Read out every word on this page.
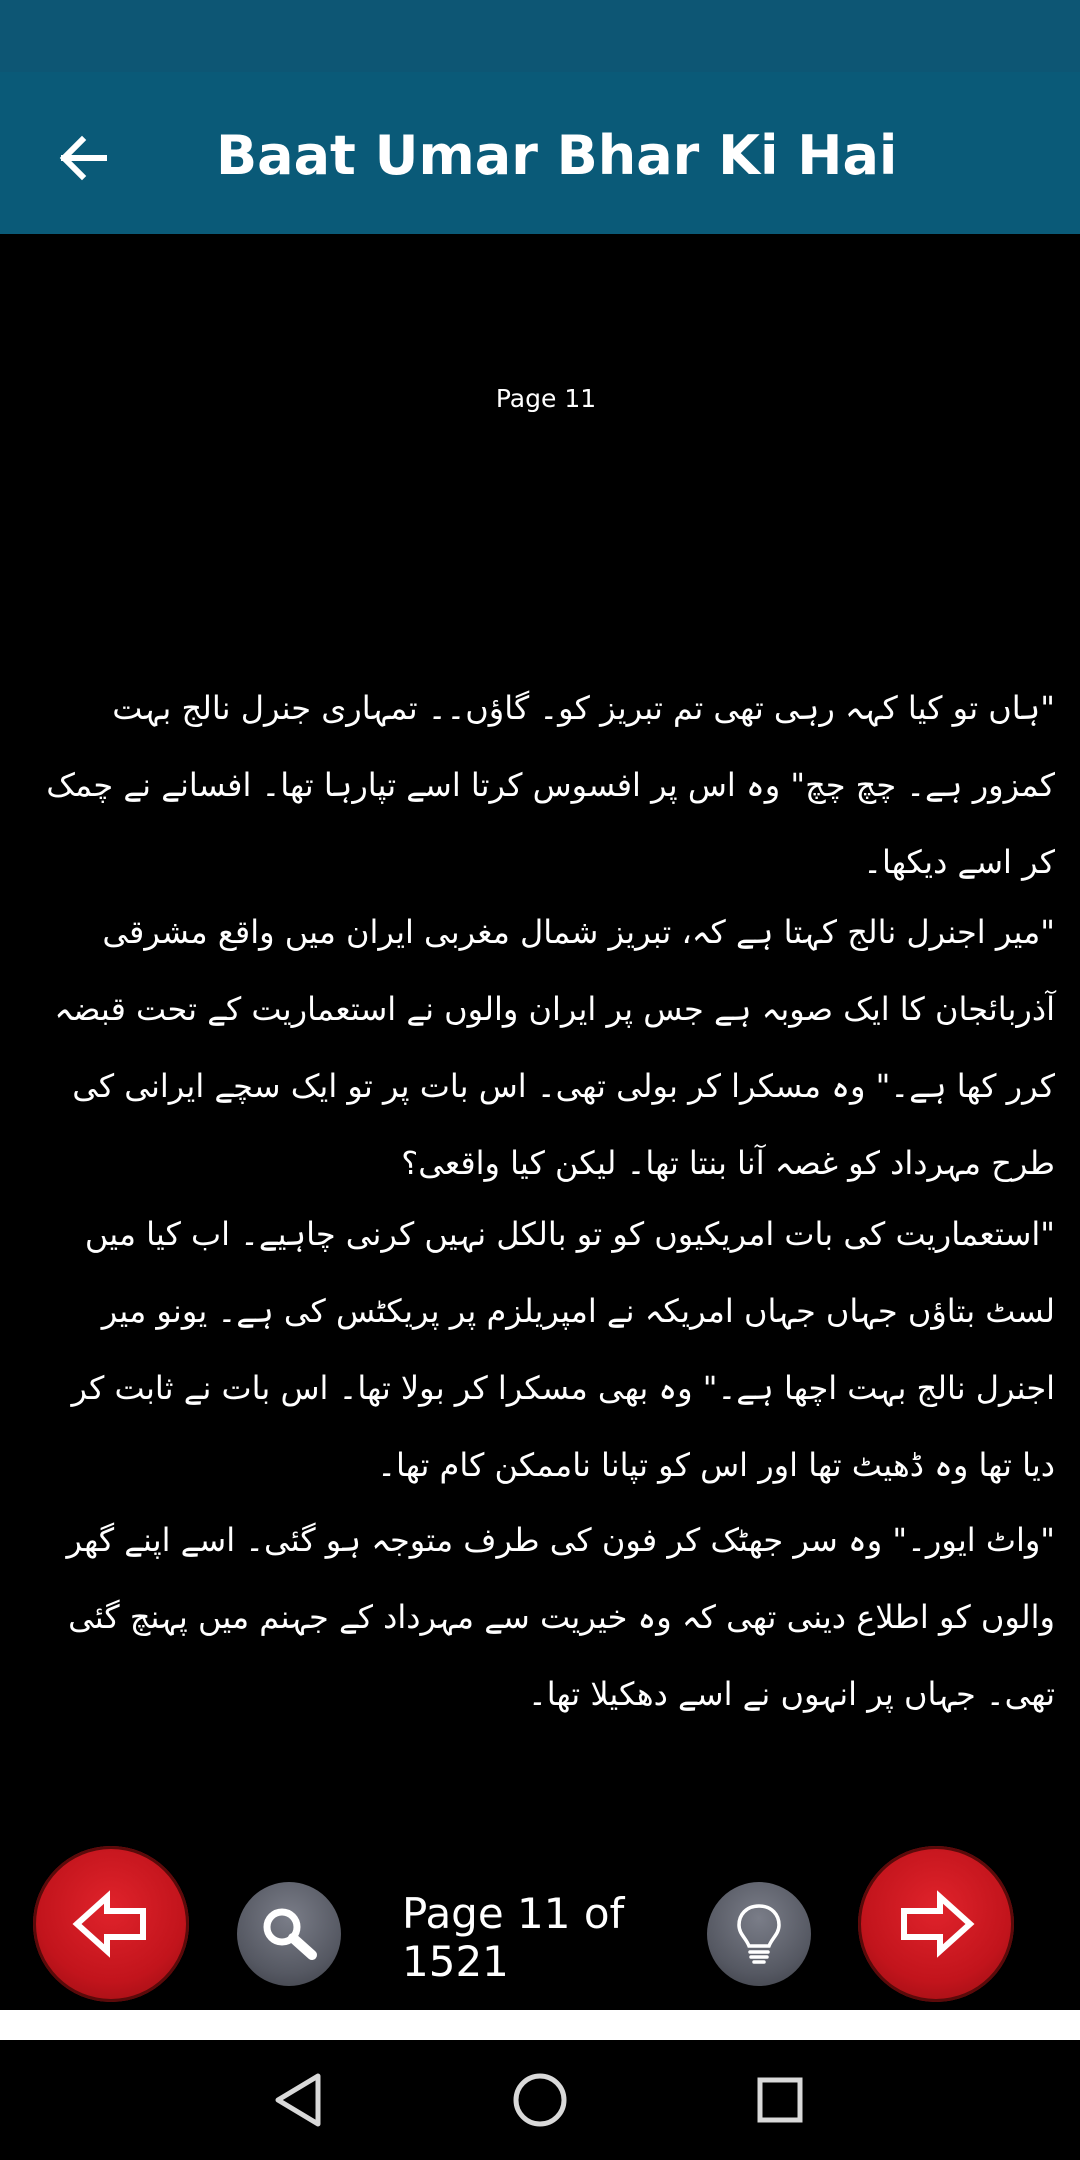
Baat Umar Bhar Ki Hai
Page 11
"ہاں تو کیا کہہ رہی تھی تم تبریز کو۔ گاؤں۔۔ تمہاری جنرل نالج بہت کمزور ہے۔ چچ چچ" وہ اس پر افسوس کرتا اسے تپارہا تھا۔ افسانے نے چمک کر اسے دیکھا۔
"میر اجنرل نالج کہتا ہے کہ، تبریز شمال مغربی ایران میں واقع مشرقی آذربائجان کا ایک صوبہ ہے جس پر ایران والوں نے استعماریت کے تحت قبضہ کرر کھا ہے۔" وہ مسکرا کر بولی تھی۔ اس بات پر تو ایک سچے ایرانی کی طرح مہرداد کو غصہ آنا بنتا تھا۔ لیکن کیا واقعی؟
"استعماریت کی بات امریکیوں کو تو بالکل نہیں کرنی چاہیے۔ اب کیا میں لسٹ بتاؤں جہاں جہاں امریکہ نے امپریلزم پر پریکٹس کی ہے۔ یونو میر اجنرل نالج بہت اچھا ہے۔" وہ بھی مسکرا کر بولا تھا۔ اس بات نے ثابت کر دیا تھا وہ ڈھیٹ تھا اور اس کو تپانا ناممکن کام تھا۔
"واٹ ایور۔" وہ سر جھٹک کر فون کی طرف متوجہ ہو گئی۔ اسے اپنے گھر والوں کو اطلاع دینی تھی کہ وہ خیریت سے مہرداد کے جہنم میں پہنچ گئی تھی۔ جہاں پر انہوں نے اسے دھکیلا تھا۔
Page 11 of 1521
